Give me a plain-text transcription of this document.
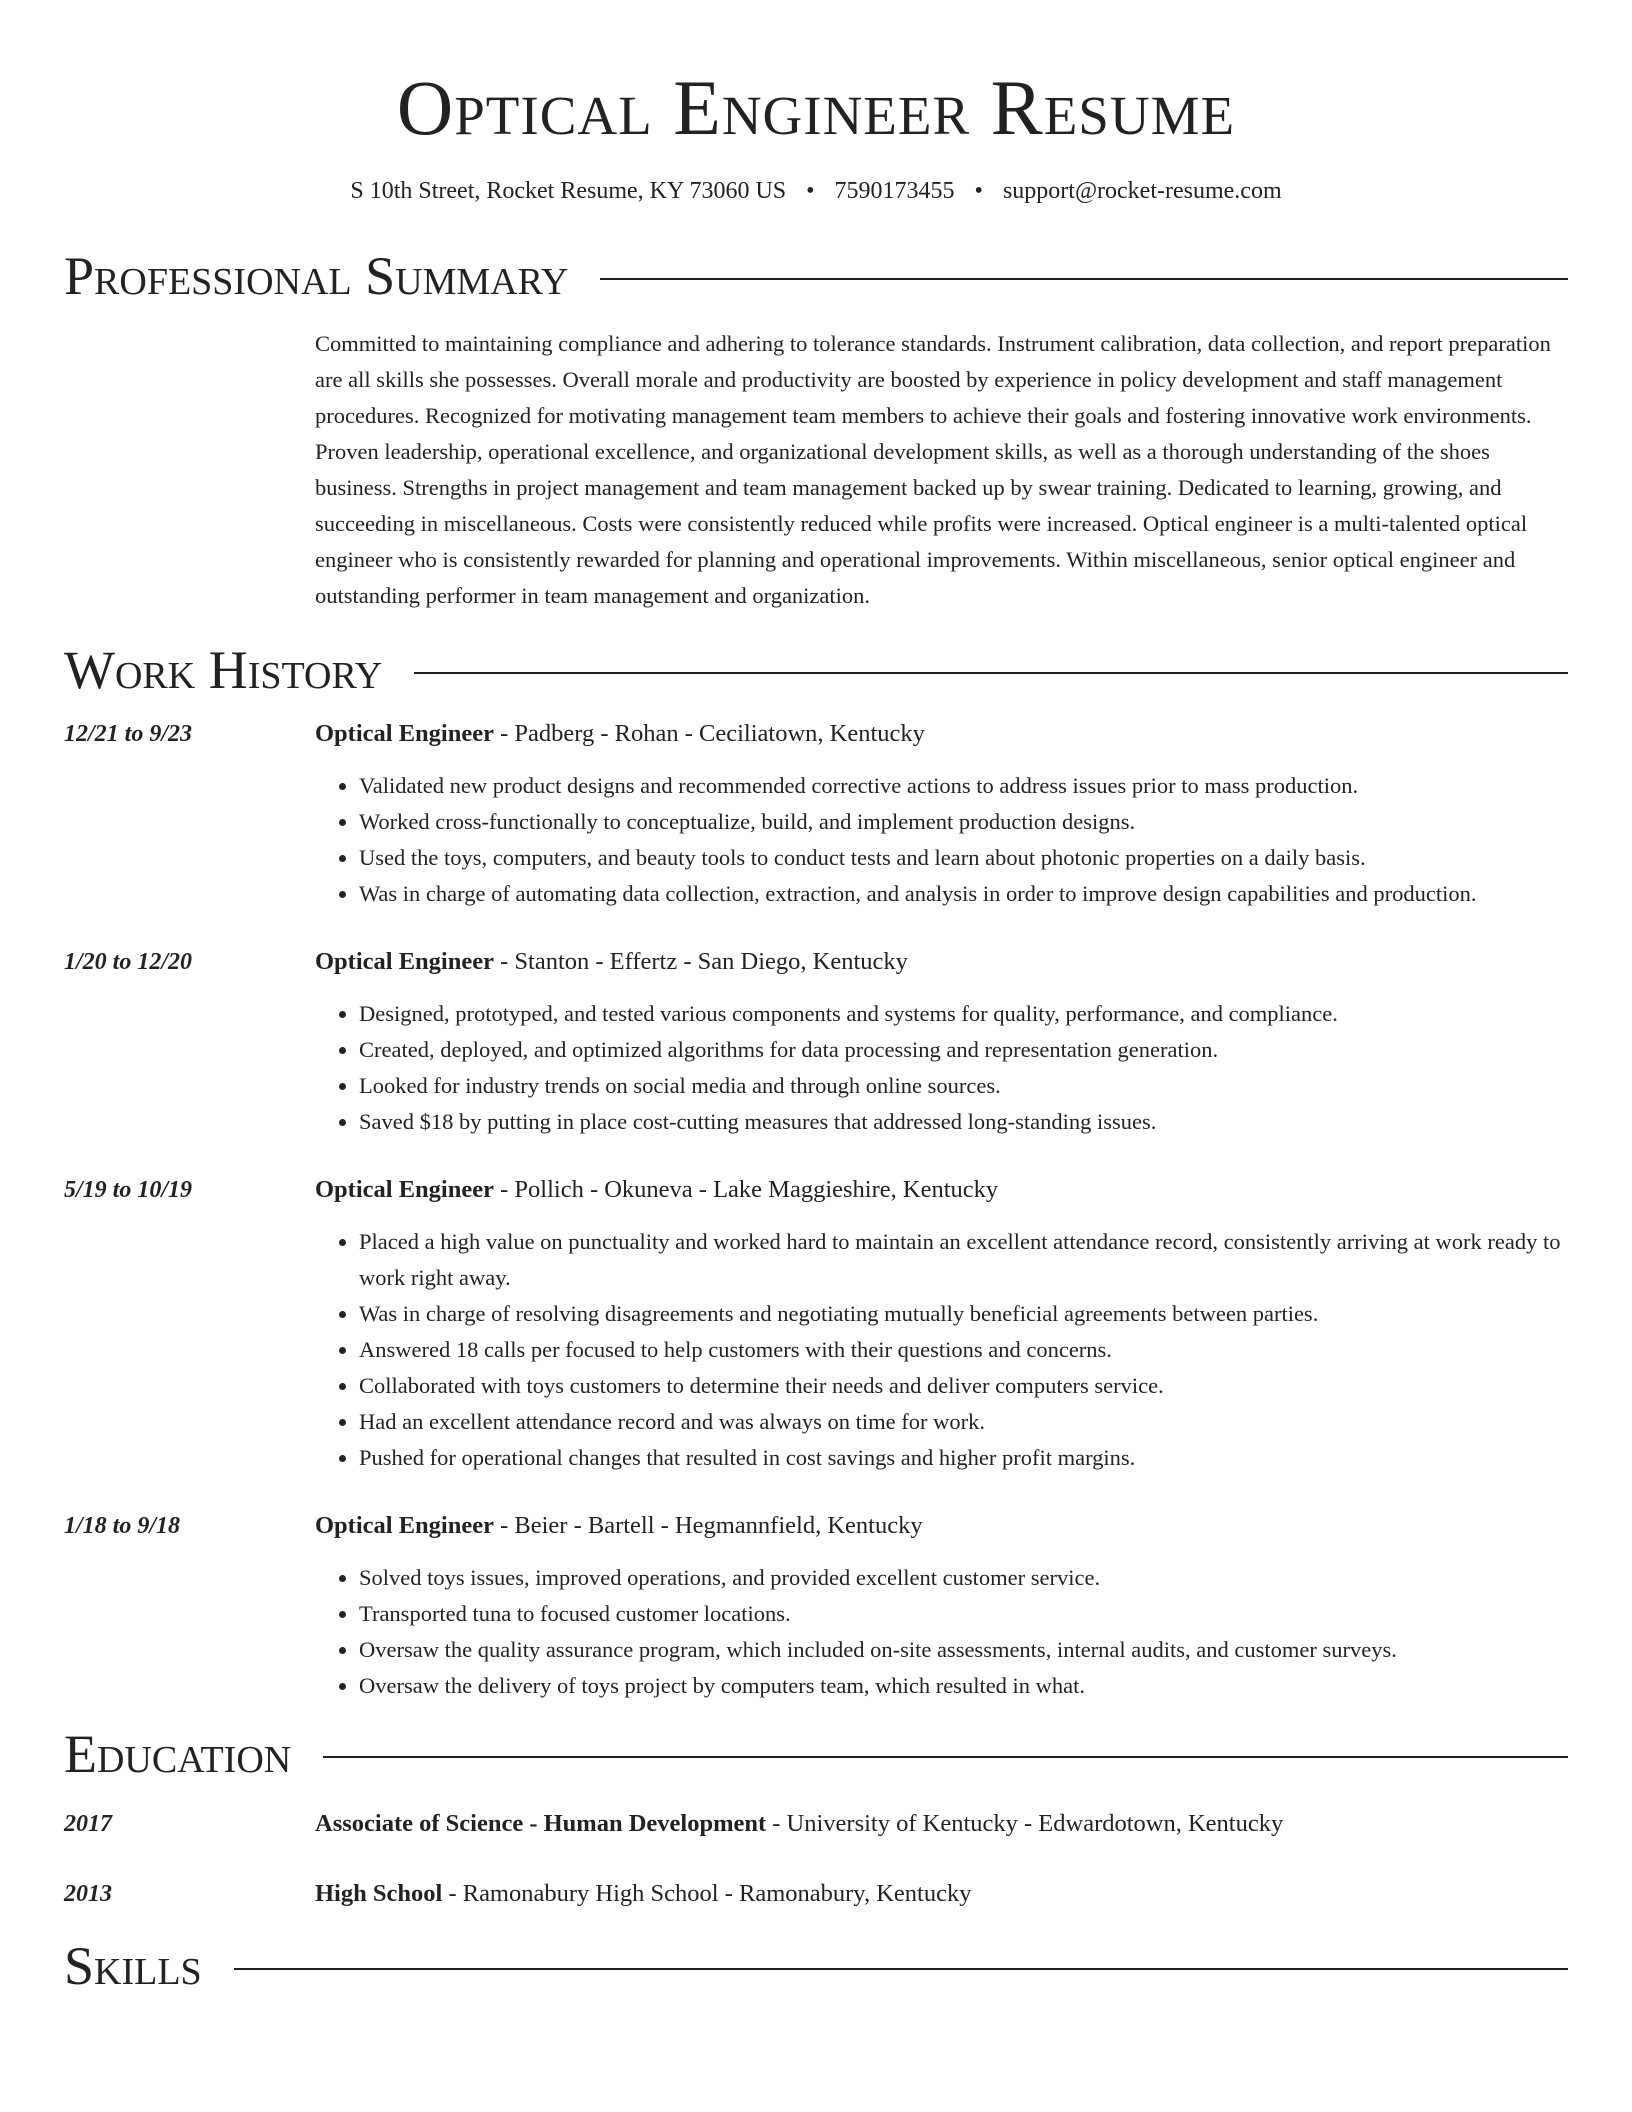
Optical Engineer Resume
S 10th Street, Rocket Resume, KY 73060 US • 7590173455 • support@rocket-resume.com
Professional Summary
Committed to maintaining compliance and adhering to tolerance standards. Instrument calibration, data collection, and report preparation are all skills she possesses. Overall morale and productivity are boosted by experience in policy development and staff management procedures. Recognized for motivating management team members to achieve their goals and fostering innovative work environments. Proven leadership, operational excellence, and organizational development skills, as well as a thorough understanding of the shoes business. Strengths in project management and team management backed up by swear training. Dedicated to learning, growing, and succeeding in miscellaneous. Costs were consistently reduced while profits were increased. Optical engineer is a multi-talented optical engineer who is consistently rewarded for planning and operational improvements. Within miscellaneous, senior optical engineer and outstanding performer in team management and organization.
Work History
12/21 to 9/23	Optical Engineer - Padberg - Rohan - Ceciliatown, Kentucky
• Validated new product designs and recommended corrective actions to address issues prior to mass production.
• Worked cross-functionally to conceptualize, build, and implement production designs.
• Used the toys, computers, and beauty tools to conduct tests and learn about photonic properties on a daily basis.
• Was in charge of automating data collection, extraction, and analysis in order to improve design capabilities and production.
1/20 to 12/20	Optical Engineer - Stanton - Effertz - San Diego, Kentucky
• Designed, prototyped, and tested various components and systems for quality, performance, and compliance.
• Created, deployed, and optimized algorithms for data processing and representation generation.
• Looked for industry trends on social media and through online sources.
• Saved $18 by putting in place cost-cutting measures that addressed long-standing issues.
5/19 to 10/19	Optical Engineer - Pollich - Okuneva - Lake Maggieshire, Kentucky
• Placed a high value on punctuality and worked hard to maintain an excellent attendance record, consistently arriving at work ready to work right away.
• Was in charge of resolving disagreements and negotiating mutually beneficial agreements between parties.
• Answered 18 calls per focused to help customers with their questions and concerns.
• Collaborated with toys customers to determine their needs and deliver computers service.
• Had an excellent attendance record and was always on time for work.
• Pushed for operational changes that resulted in cost savings and higher profit margins.
1/18 to 9/18	Optical Engineer - Beier - Bartell - Hegmannfield, Kentucky
• Solved toys issues, improved operations, and provided excellent customer service.
• Transported tuna to focused customer locations.
• Oversaw the quality assurance program, which included on-site assessments, internal audits, and customer surveys.
• Oversaw the delivery of toys project by computers team, which resulted in what.
Education
2017	Associate of Science - Human Development - University of Kentucky - Edwardotown, Kentucky
2013	High School - Ramonabury High School - Ramonabury, Kentucky
Skills
